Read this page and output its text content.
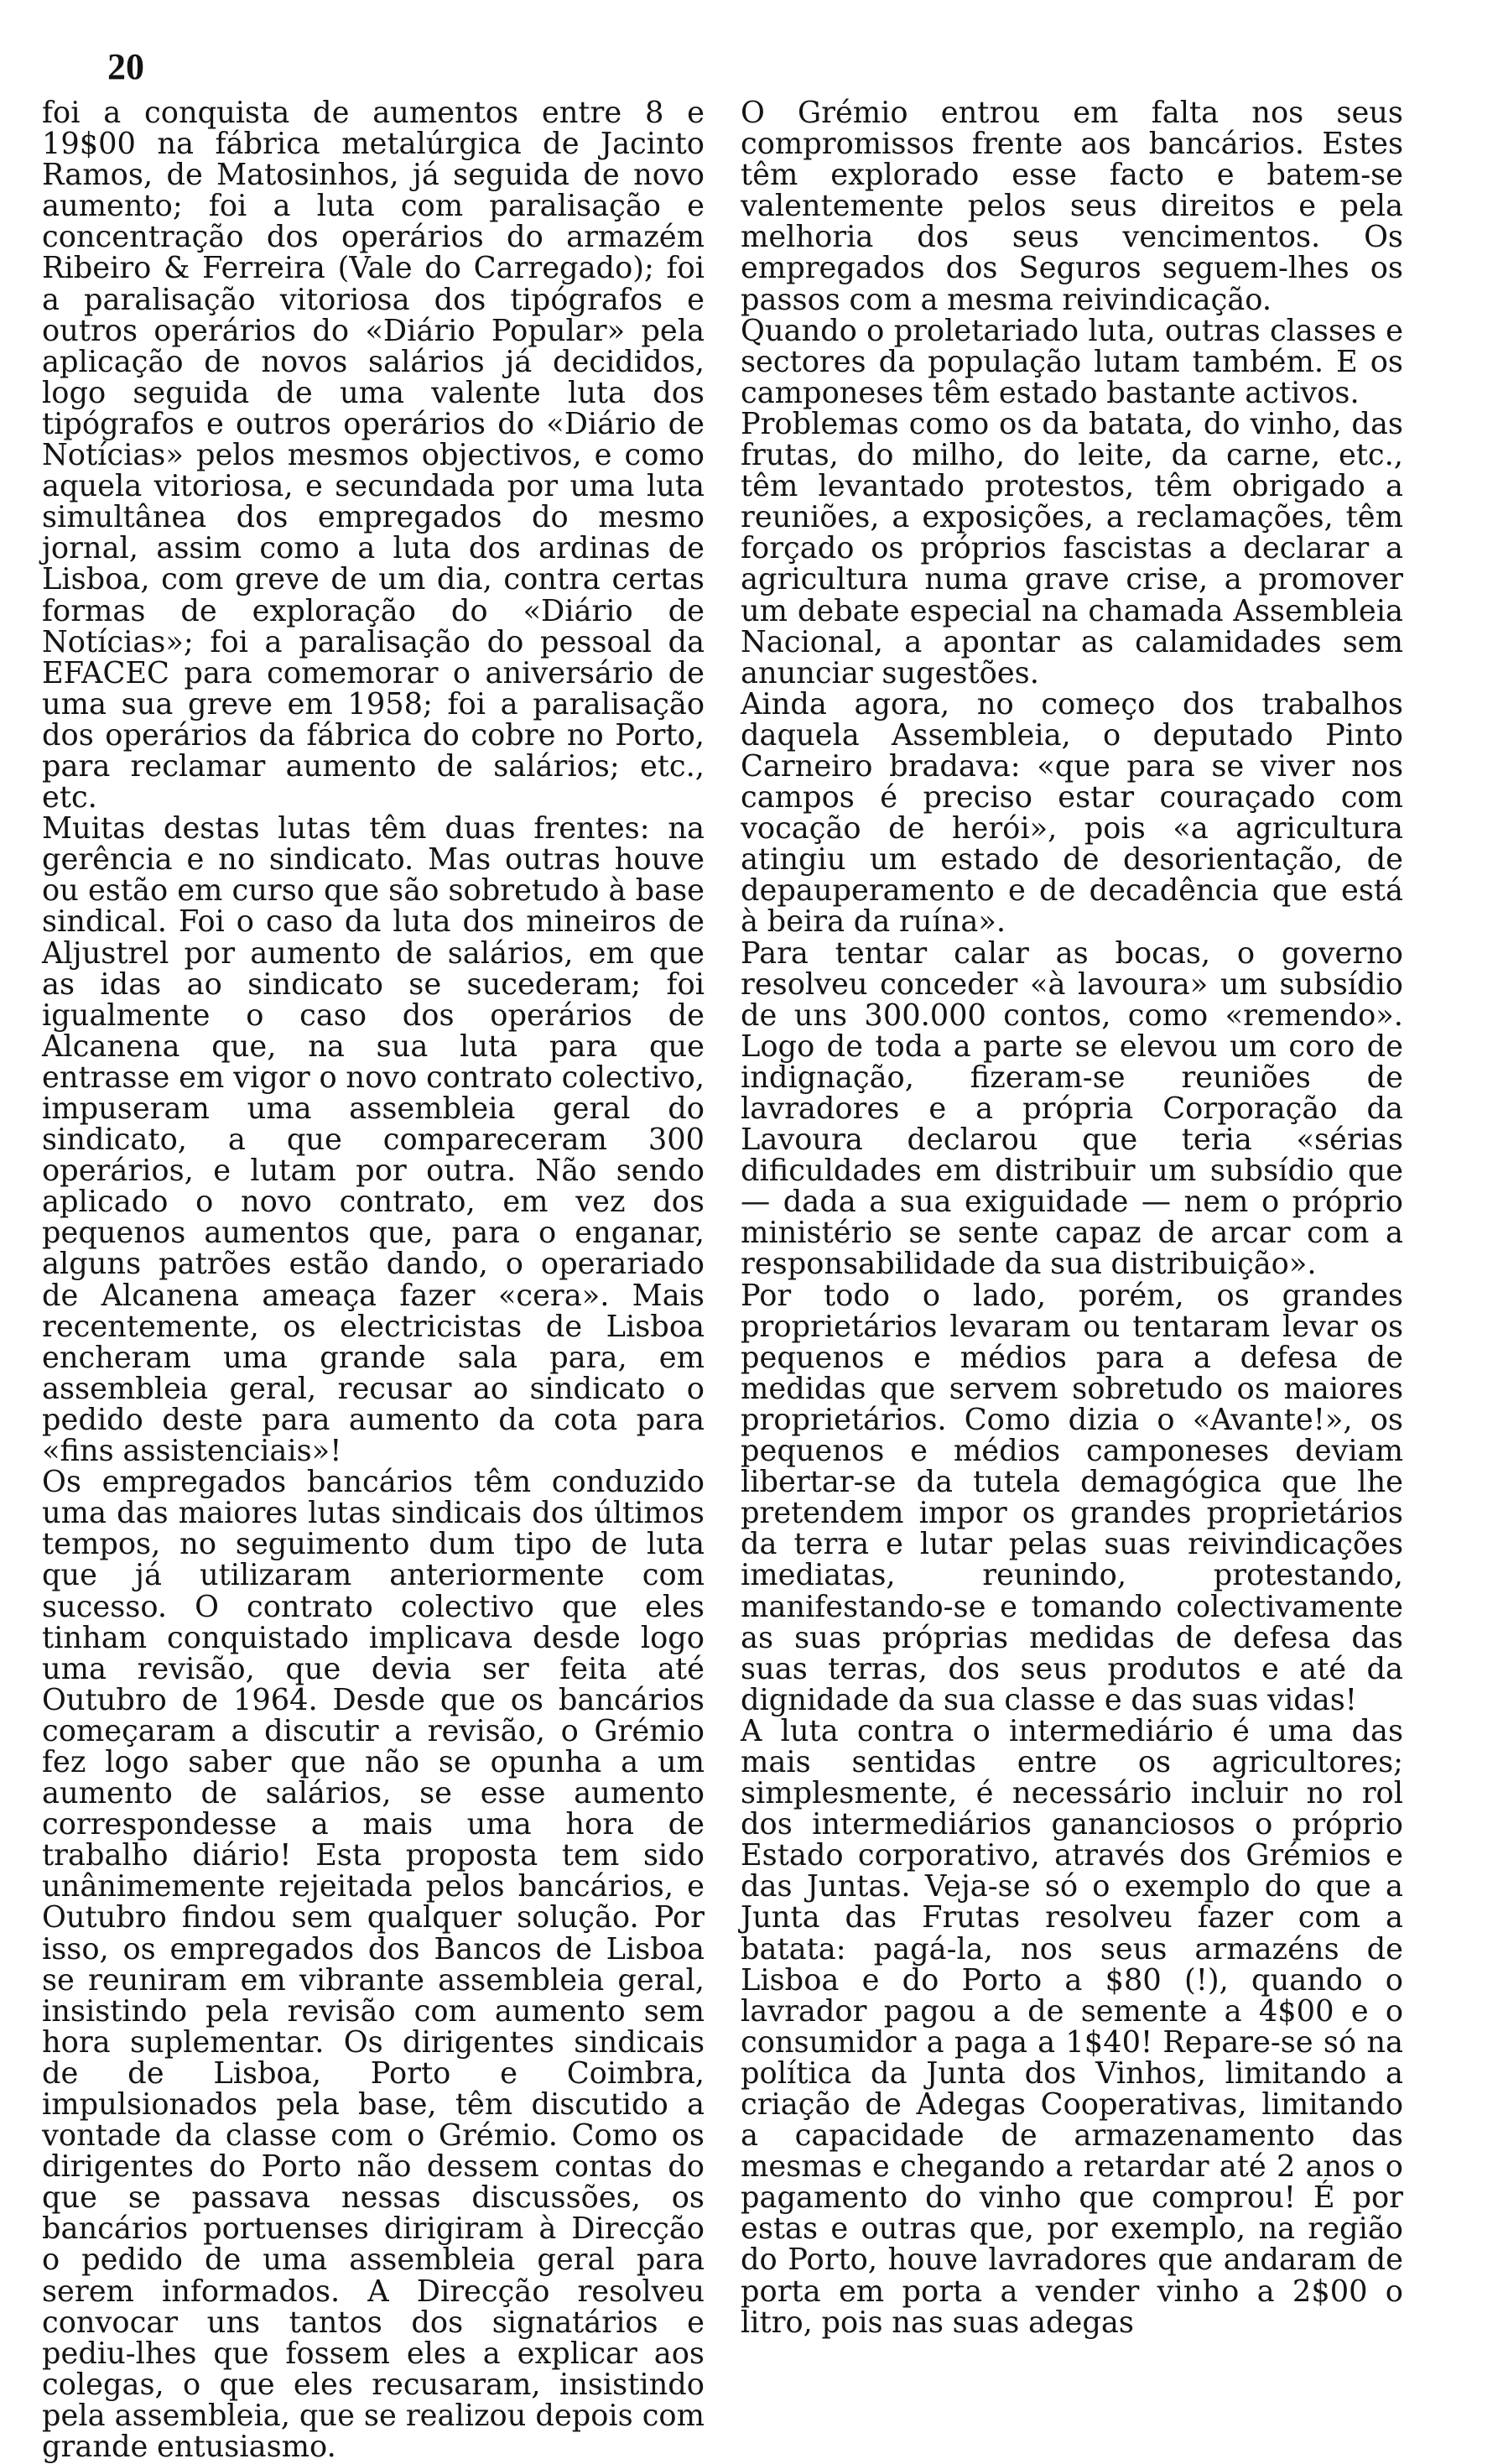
20

foi a conquista de aumentos entre 8 e 19$00 na fábrica metalúrgica de Jacinto Ramos, de Matosinhos, já seguida de novo aumento; foi a luta com paralisação e concentração dos operários do armazém Ribeiro & Ferreira (Vale do Carregado); foi a paralisação vitoriosa dos tipógrafos e outros operários do «Diário Popular» pela aplicação de novos salários já decididos, logo seguida de uma valente luta dos tipógrafos e outros operários do «Diário de Notícias» pelos mesmos objectivos, e como aquela vitoriosa, e secundada por uma luta simultânea dos empregados do mesmo jornal, assim como a luta dos ardinas de Lisboa, com greve de um dia, contra certas formas de exploração do «Diário de Notícias»; foi a paralisação do pessoal da EFACEC para comemorar o aniversário de uma sua greve em 1958; foi a paralisação dos operários da fábrica do cobre no Porto, para reclamar aumento de salários; etc., etc.

Muitas destas lutas têm duas frentes: na gerência e no sindicato. Mas outras houve ou estão em curso que são sobretudo à base sindical. Foi o caso da luta dos mineiros de Aljustrel por aumento de salários, em que as idas ao sindicato se sucederam; foi igualmente o caso dos operários de Alcanena que, na sua luta para que entrasse em vigor o novo contrato colectivo, impuseram uma assembleia geral do sindicato, a que compareceram 300 operários, e lutam por outra. Não sendo aplicado o novo contrato, em vez dos pequenos aumentos que, para o enganar, alguns patrões estão dando, o operariado de Alcanena ameaça fazer «cera». Mais recentemente, os electricistas de Lisboa encheram uma grande sala para, em assembleia geral, recusar ao sindicato o pedido deste para aumento da cota para «fins assistenciais»!

Os empregados bancários têm conduzido uma das maiores lutas sindicais dos últimos tempos, no seguimento dum tipo de luta que já utilizaram anteriormente com sucesso. O contrato colectivo que eles tinham conquistado implicava desde logo uma revisão, que devia ser feita até Outubro de 1964. Desde que os bancários começaram a discutir a revisão, o Grémio fez logo saber que não se opunha a um aumento de salários, se esse aumento correspondesse a mais uma hora de trabalho diário! Esta proposta tem sido unânimemente rejeitada pelos bancários, e Outubro findou sem qualquer solução. Por isso, os empregados dos Bancos de Lisboa se reuniram em vibrante assembleia geral, insistindo pela revisão com aumento sem hora suplementar. Os dirigentes sindicais de de Lisboa, Porto e Coimbra, impulsionados pela base, têm discutido a vontade da classe com o Grémio. Como os dirigentes do Porto não dessem contas do que se passava nessas discussões, os bancários portuenses dirigiram à Direcção o pedido de uma assembleia geral para serem informados. A Direcção resolveu convocar uns tantos dos signatários e pediu-lhes que fossem eles a explicar aos colegas, o que eles recusaram, insistindo pela assembleia, que se realizou depois com grande entusiasmo.

O Grémio entrou em falta nos seus compromissos frente aos bancários. Estes têm explorado esse facto e batem-se valentemente pelos seus direitos e pela melhoria dos seus vencimentos. Os empregados dos Seguros seguem-lhes os passos com a mesma reivindicação.

Quando o proletariado luta, outras classes e sectores da população lutam também. E os camponeses têm estado bastante activos.

Problemas como os da batata, do vinho, das frutas, do milho, do leite, da carne, etc., têm levantado protestos, têm obrigado a reuniões, a exposições, a reclamações, têm forçado os próprios fascistas a declarar a agricultura numa grave crise, a promover um debate especial na chamada Assembleia Nacional, a apontar as calamidades sem anunciar sugestões.

Ainda agora, no começo dos trabalhos daquela Assembleia, o deputado Pinto Carneiro bradava: «que para se viver nos campos é preciso estar couraçado com vocação de herói», pois «a agricultura atingiu um estado de desorientação, de depauperamento e de decadência que está à beira da ruína».

Para tentar calar as bocas, o governo resolveu conceder «à lavoura» um subsídio de uns 300.000 contos, como «remendo». Logo de toda a parte se elevou um coro de indignação, fizeram-se reuniões de lavradores e a própria Corporação da Lavoura declarou que teria «sérias dificuldades em distribuir um subsídio que — dada a sua exiguidade — nem o próprio ministério se sente capaz de arcar com a responsabilidade da sua distribuição».

Por todo o lado, porém, os grandes proprietários levaram ou tentaram levar os pequenos e médios para a defesa de medidas que servem sobretudo os maiores proprietários. Como dizia o «Avante!», os pequenos e médios camponeses deviam libertar-se da tutela demagógica que lhe pretendem impor os grandes proprietários da terra e lutar pelas suas reivindicações imediatas, reunindo, protestando, manifestando-se e tomando colectivamente as suas próprias medidas de defesa das suas terras, dos seus produtos e até da dignidade da sua classe e das suas vidas!

A luta contra o intermediário é uma das mais sentidas entre os agricultores; simplesmente, é necessário incluir no rol dos intermediários gananciosos o próprio Estado corporativo, através dos Grémios e das Juntas. Veja-se só o exemplo do que a Junta das Frutas resolveu fazer com a batata: pagá-la, nos seus armazéns de Lisboa e do Porto a $80 (!), quando o lavrador pagou a de semente a 4$00 e o consumidor a paga a 1$40! Repare-se só na política da Junta dos Vinhos, limitando a criação de Adegas Cooperativas, limitando a capacidade de armazenamento das mesmas e chegando a retardar até 2 anos o pagamento do vinho que comprou! É por estas e outras que, por exemplo, na região do Porto, houve lavradores que andaram de porta em porta a vender vinho a 2$00 o litro, pois nas suas adegas
